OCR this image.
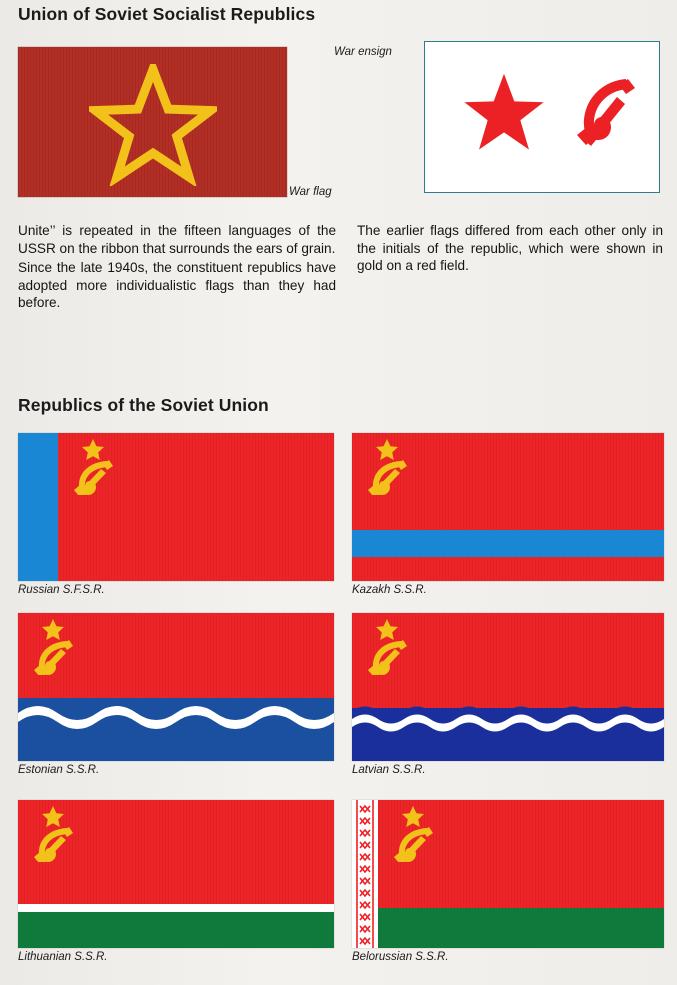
Union of Soviet Socialist Republics
War flag
War ensign

Unite’’ is repeated in the fifteen languages of the USSR on the ribbon that surrounds the ears of grain.

Since the late 1940s, the constituent republics have adopted more individualistic flags than they had before.

The earlier flags differed from each other only in the initials of the republic, which were shown in gold on a red field.

Republics of the Soviet Union
Russian S.F.S.R.	Kazakh S.S.R.
Estonian S.S.R.	Latvian S.S.R.
Lithuanian S.S.R.	Belorussian S.S.R.
